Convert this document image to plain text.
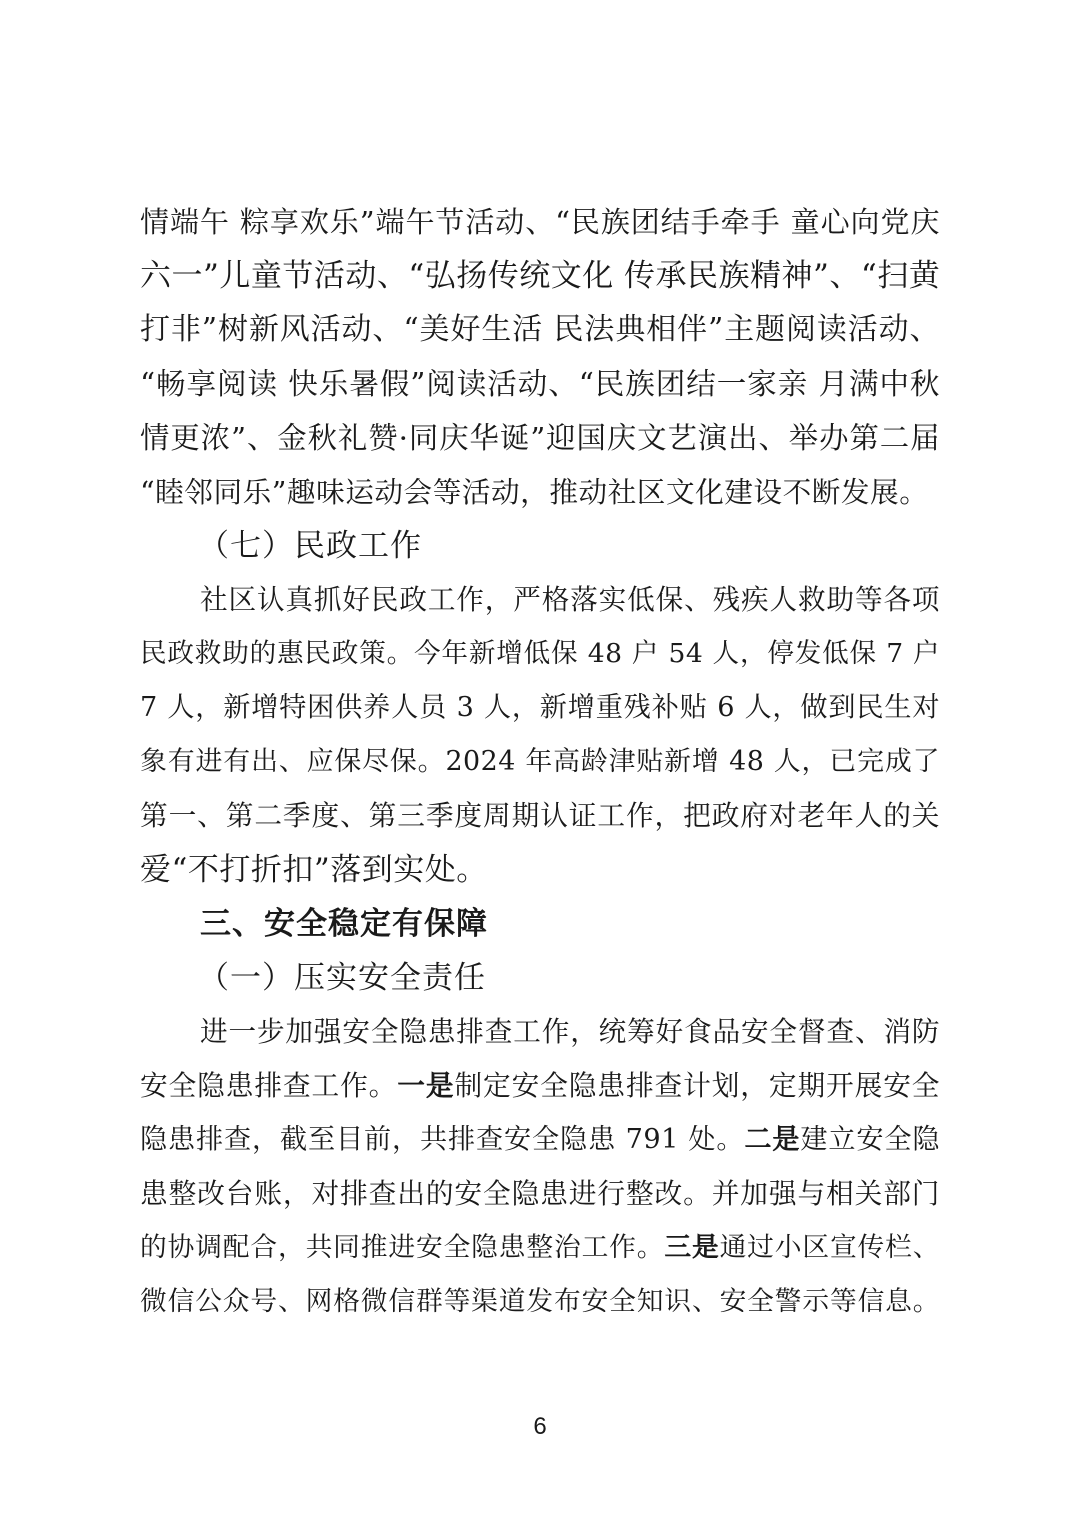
情端午 粽享欢乐”端午节活动、“民族团结手牵手 童心向党庆
六一”儿童节活动、“弘扬传统文化 传承民族精神”、“扫黄
打非”树新风活动、“美好生活 民法典相伴”主题阅读活动、
“畅享阅读 快乐暑假”阅读活动、“民族团结一家亲 月满中秋
情更浓”、金秋礼赞·同庆华诞”迎国庆文艺演出、举办第二届
“睦邻同乐”趣味运动会等活动，推动社区文化建设不断发展。
（七）民政工作
社区认真抓好民政工作，严格落实低保、残疾人救助等各项
民政救助的惠民政策。今年新增低保 48 户 54 人，停发低保 7 户
7 人，新增特困供养人员 3 人，新增重残补贴 6 人，做到民生对
象有进有出、应保尽保。2024 年高龄津贴新增 48 人，已完成了
第一、第二季度、第三季度周期认证工作，把政府对老年人的关
爱“不打折扣”落到实处。
三、安全稳定有保障
（一）压实安全责任
进一步加强安全隐患排查工作，统筹好食品安全督查、消防
安全隐患排查工作。一是制定安全隐患排查计划，定期开展安全
隐患排查，截至目前，共排查安全隐患 791 处。二是建立安全隐
患整改台账，对排查出的安全隐患进行整改。并加强与相关部门
的协调配合，共同推进安全隐患整治工作。三是通过小区宣传栏、
微信公众号、网格微信群等渠道发布安全知识、安全警示等信息。
6
